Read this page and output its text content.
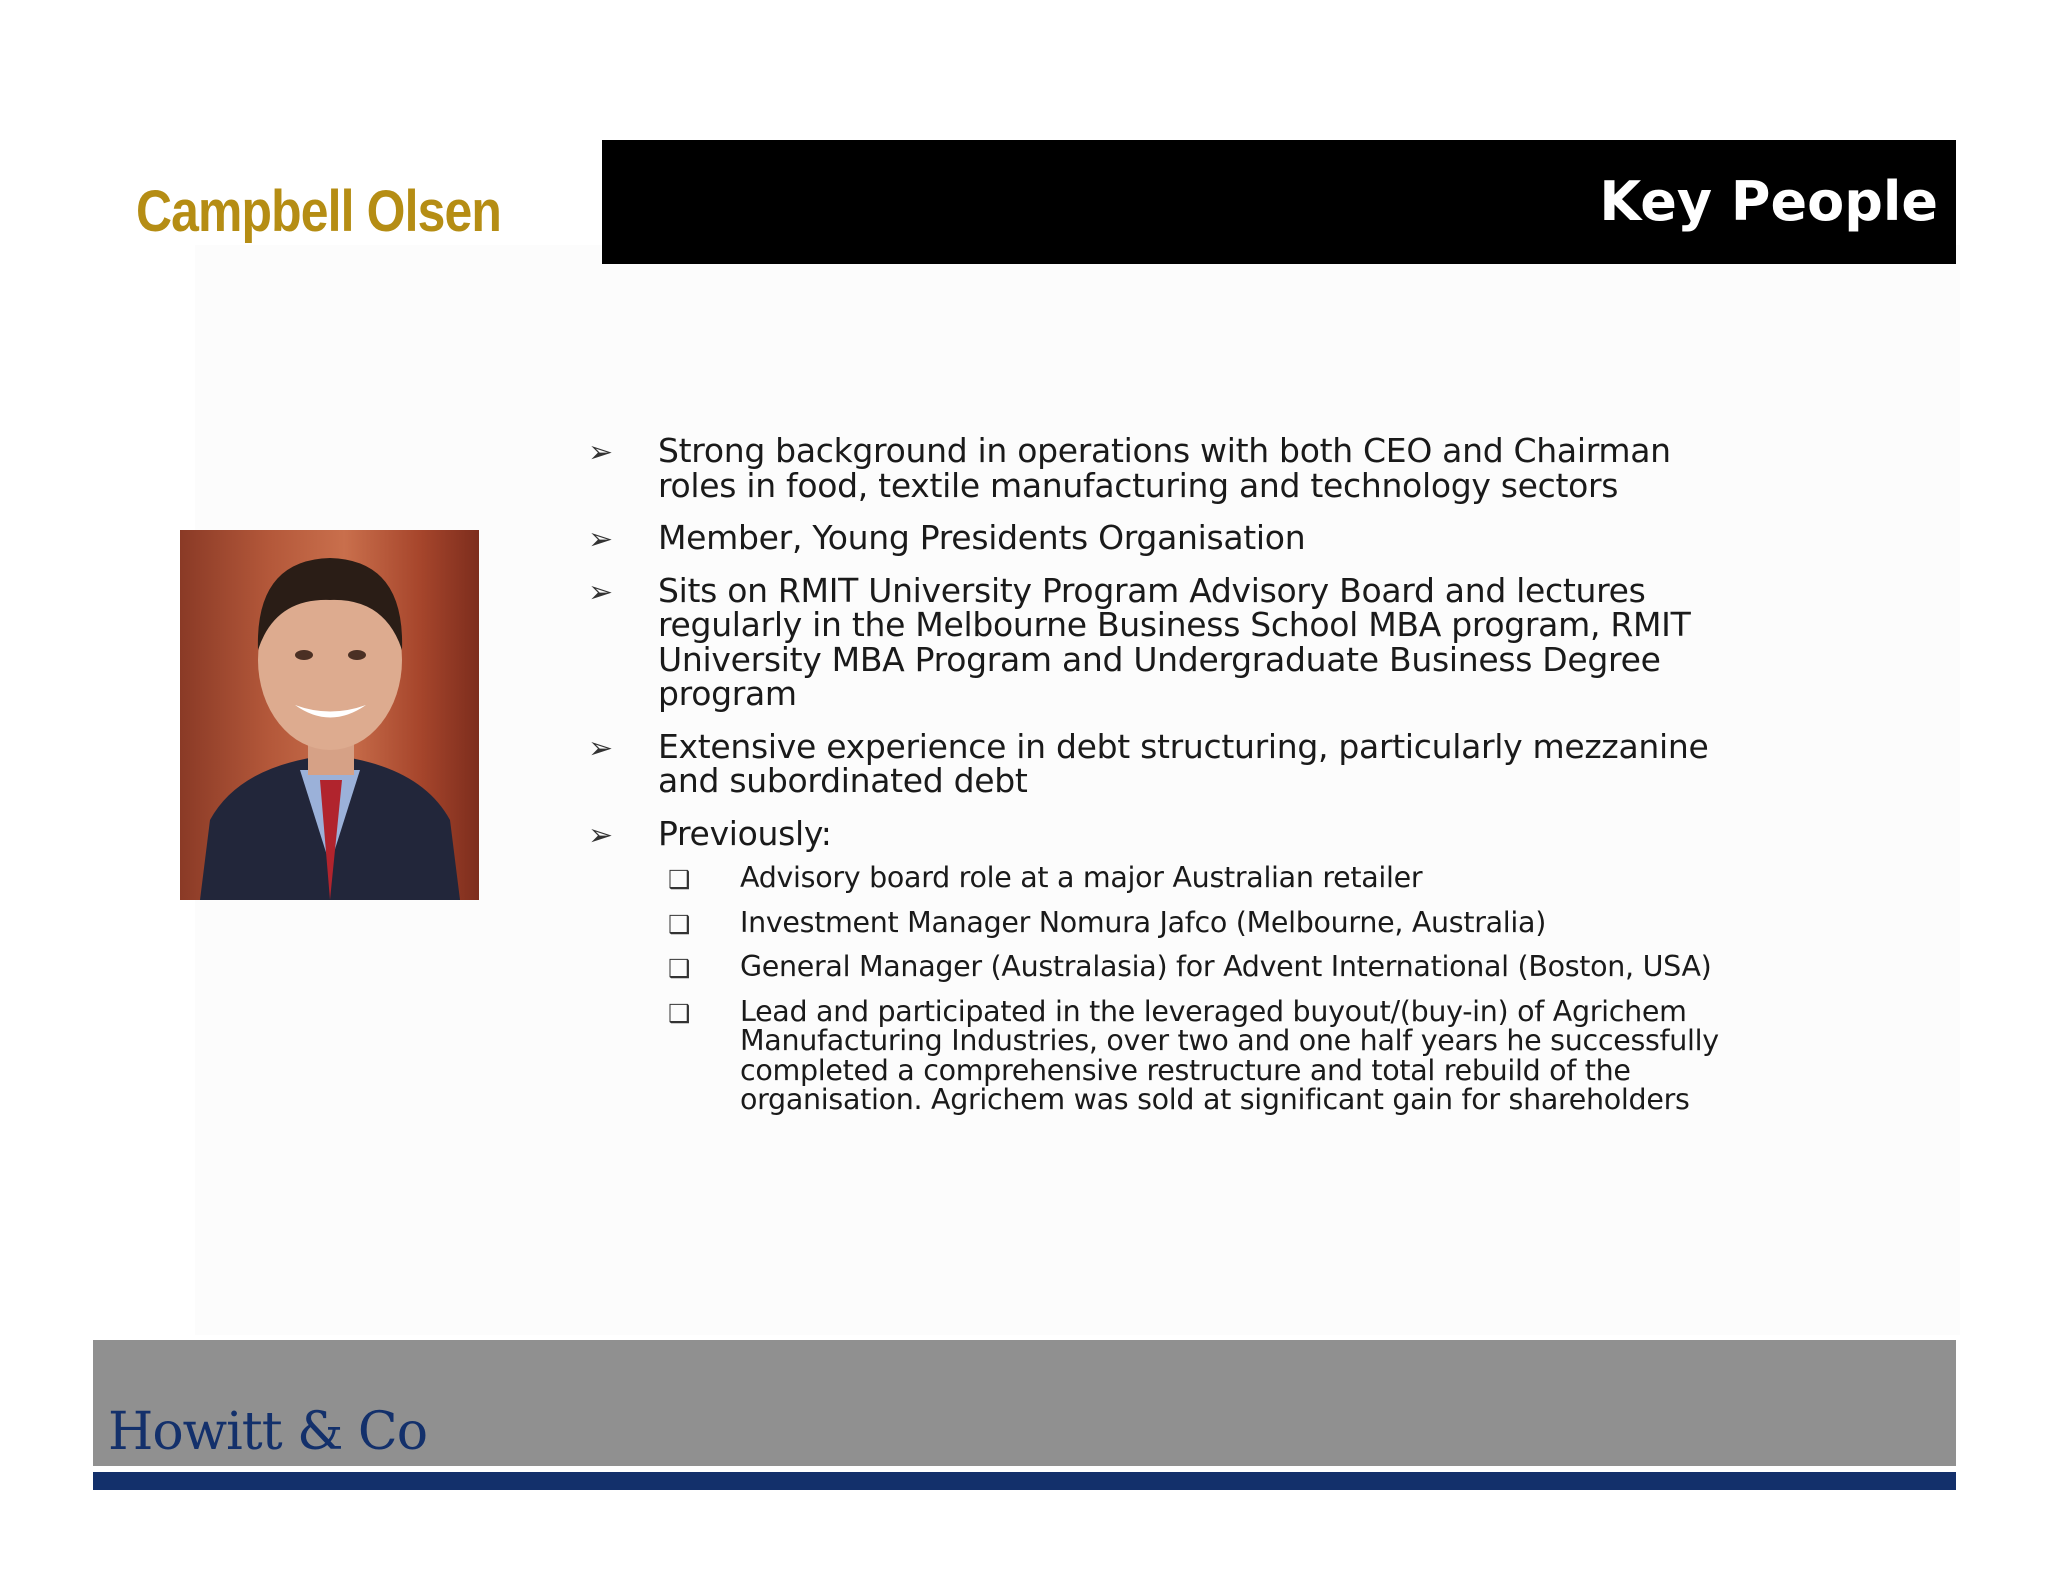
Campbell Olsen	Key People
➢ Strong background in operations with both CEO and Chairman roles in food, textile manufacturing and technology sectors
➢ Member, Young Presidents Organisation
➢ Sits on RMIT University Program Advisory Board and lectures regularly in the Melbourne Business School MBA program, RMIT University MBA Program and Undergraduate Business Degree program
➢ Extensive experience in debt structuring, particularly mezzanine and subordinated debt
➢ Previously:
❑ Advisory board role at a major Australian retailer
❑ Investment Manager Nomura Jafco (Melbourne, Australia)
❑ General Manager (Australasia) for Advent International (Boston, USA)
❑ Lead and participated in the leveraged buyout/(buy-in) of Agrichem Manufacturing Industries, over two and one half years he successfully completed a comprehensive restructure and total rebuild of the organisation. Agrichem was sold at significant gain for shareholders
Howitt & Co
